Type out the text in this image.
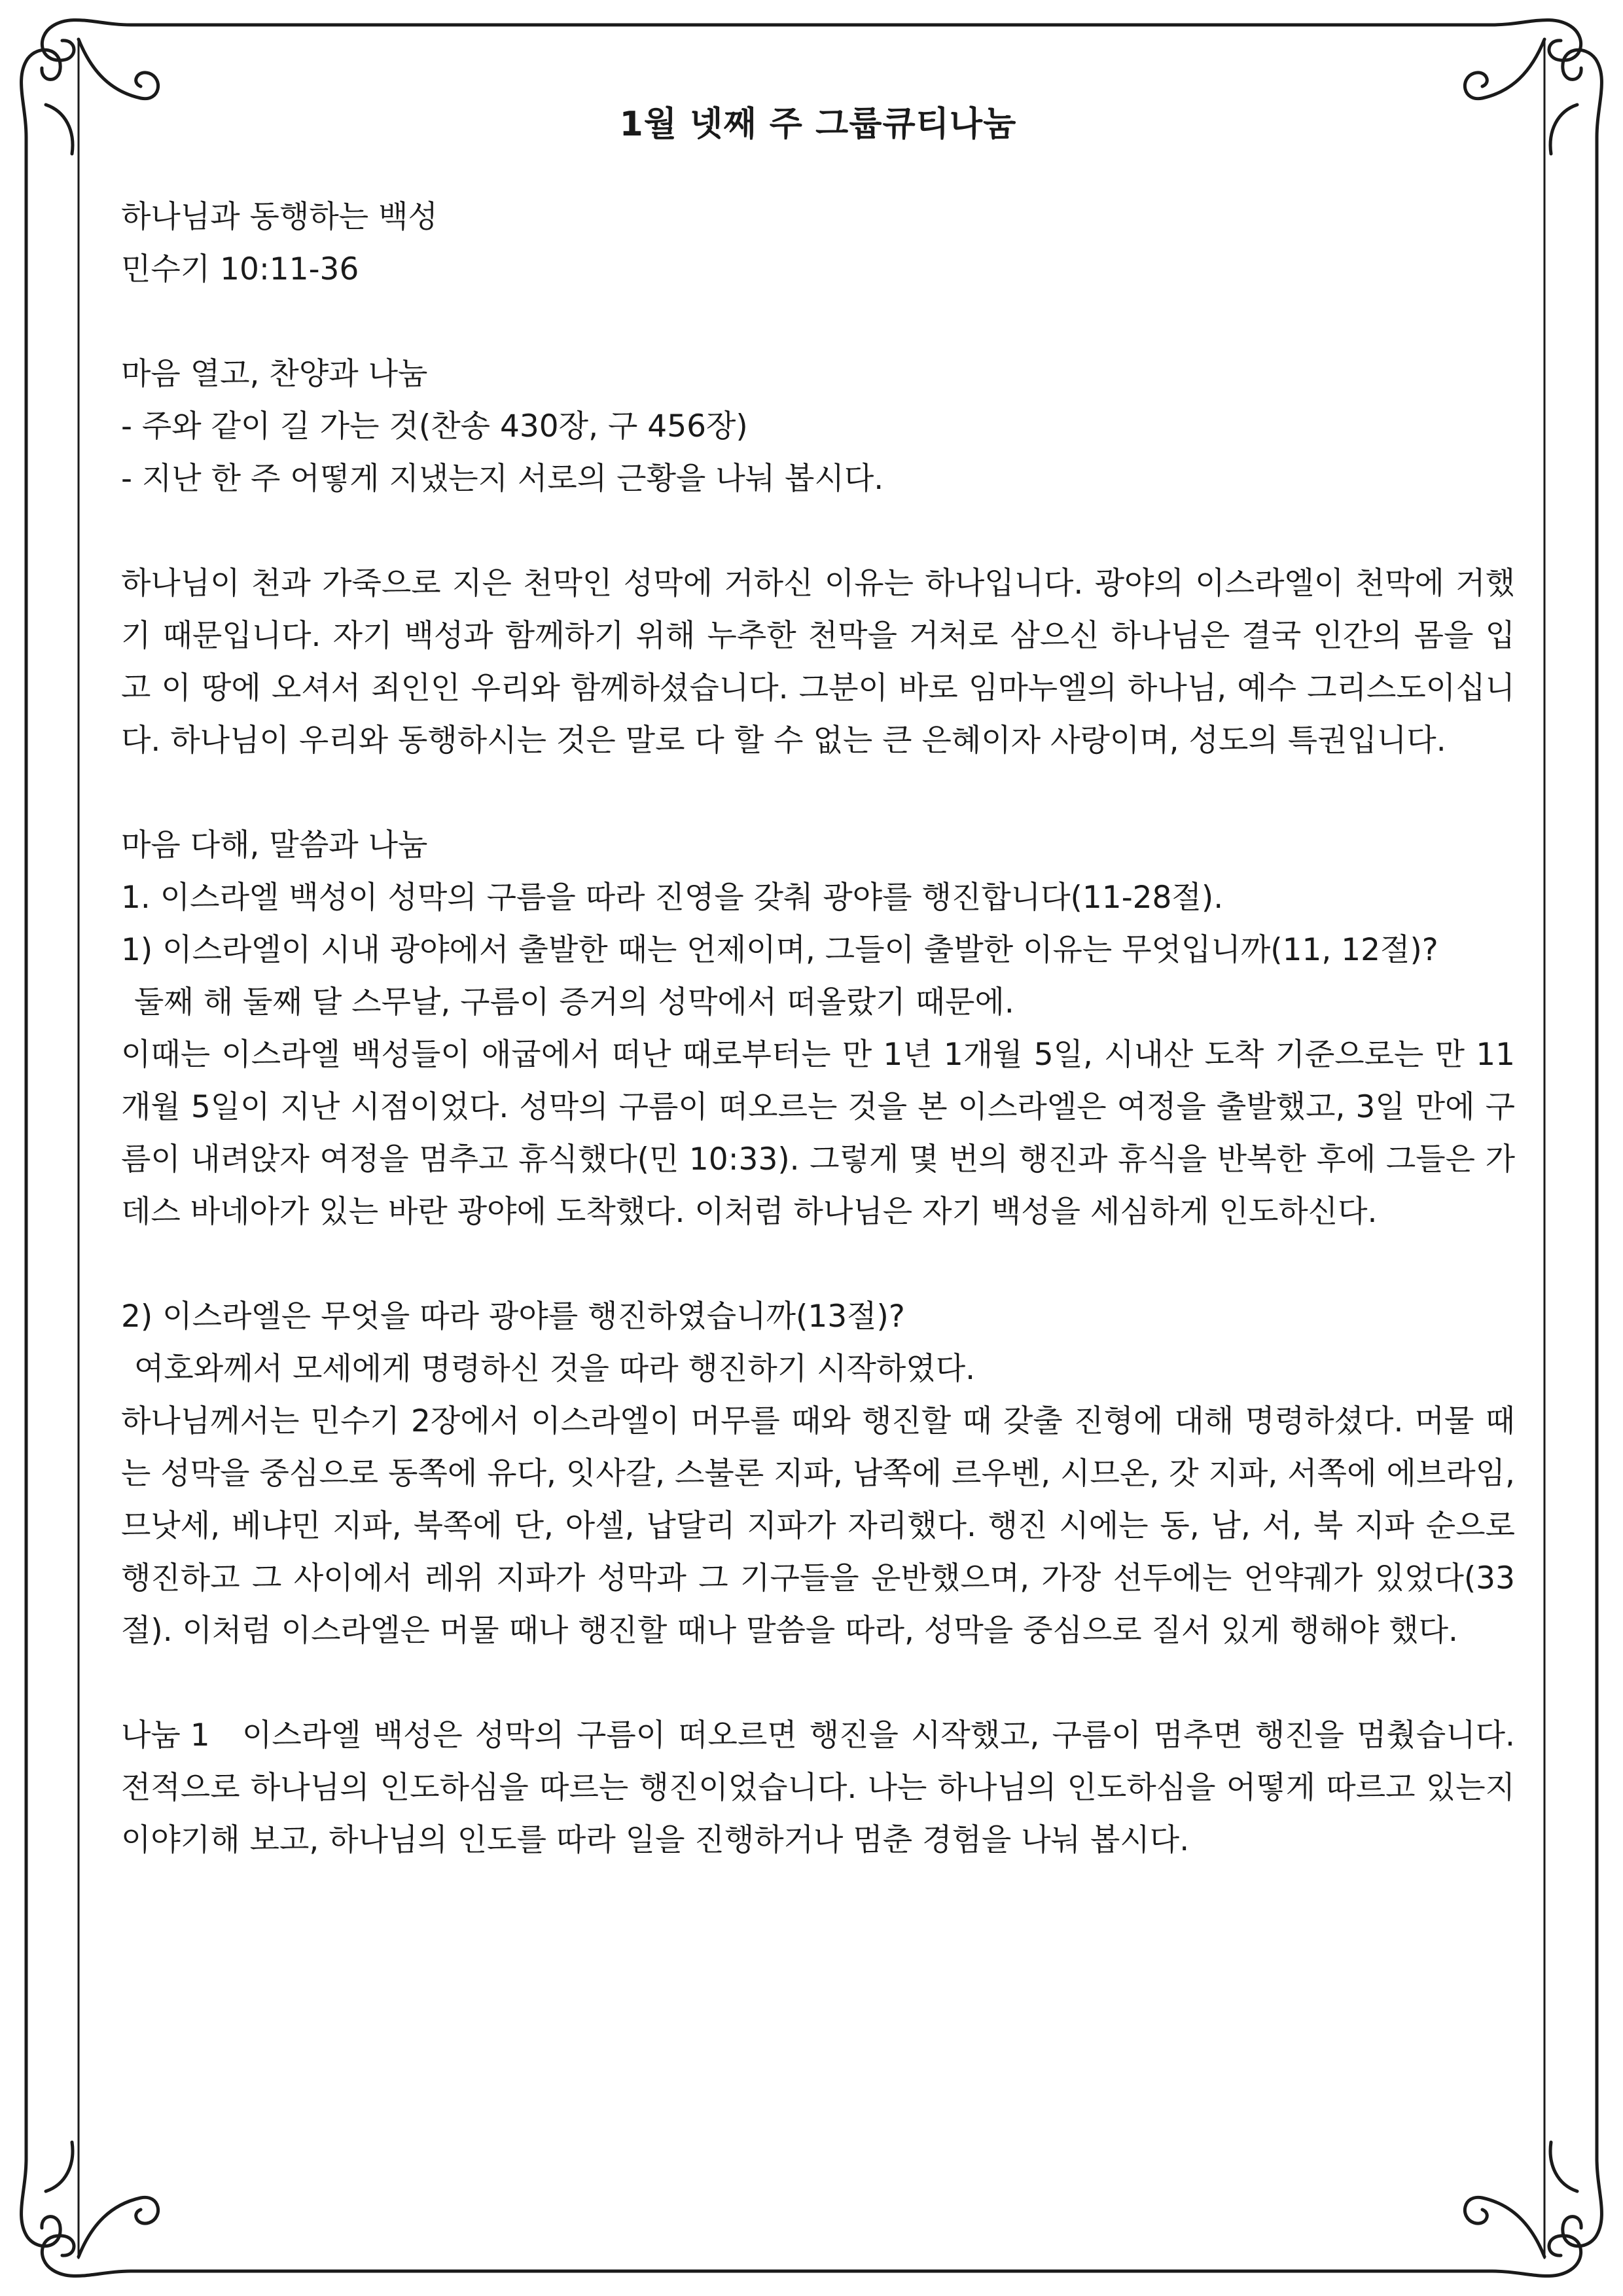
1월 넷째 주 그룹큐티나눔

하나님과 동행하는 백성

민수기 10:11-36

마음 열고, 찬양과 나눔

- 주와 같이 길 가는 것(찬송 430장, 구 456장)

- 지난 한 주 어떻게 지냈는지 서로의 근황을 나눠 봅시다.

하나님이 천과 가죽으로 지은 천막인 성막에 거하신 이유는 하나입니다. 광야의 이스라엘이 천막에 거했기 때문입니다. 자기 백성과 함께하기 위해 누추한 천막을 거처로 삼으신 하나님은 결국 인간의 몸을 입고 이 땅에 오셔서 죄인인 우리와 함께하셨습니다. 그분이 바로 임마누엘의 하나님, 예수 그리스도이십니다. 하나님이 우리와 동행하시는 것은 말로 다 할 수 없는 큰 은혜이자 사랑이며, 성도의 특권입니다.

마음 다해, 말씀과 나눔

1. 이스라엘 백성이 성막의 구름을 따라 진영을 갖춰 광야를 행진합니다(11-28절).

1) 이스라엘이 시내 광야에서 출발한 때는 언제이며, 그들이 출발한 이유는 무엇입니까(11, 12절)?

둘째 해 둘째 달 스무날, 구름이 증거의 성막에서 떠올랐기 때문에.

이때는 이스라엘 백성들이 애굽에서 떠난 때로부터는 만 1년 1개월 5일, 시내산 도착 기준으로는 만 11개월 5일이 지난 시점이었다. 성막의 구름이 떠오르는 것을 본 이스라엘은 여정을 출발했고, 3일 만에 구름이 내려앉자 여정을 멈추고 휴식했다(민 10:33). 그렇게 몇 번의 행진과 휴식을 반복한 후에 그들은 가데스 바네아가 있는 바란 광야에 도착했다. 이처럼 하나님은 자기 백성을 세심하게 인도하신다.

2) 이스라엘은 무엇을 따라 광야를 행진하였습니까(13절)?

여호와께서 모세에게 명령하신 것을 따라 행진하기 시작하였다.

하나님께서는 민수기 2장에서 이스라엘이 머무를 때와 행진할 때 갖출 진형에 대해 명령하셨다. 머물 때는 성막을 중심으로 동쪽에 유다, 잇사갈, 스불론 지파, 남쪽에 르우벤, 시므온, 갓 지파, 서쪽에 에브라임, 므낫세, 베냐민 지파, 북쪽에 단, 아셀, 납달리 지파가 자리했다. 행진 시에는 동, 남, 서, 북 지파 순으로 행진하고 그 사이에서 레위 지파가 성막과 그 기구들을 운반했으며, 가장 선두에는 언약궤가 있었다(33절). 이처럼 이스라엘은 머물 때나 행진할 때나 말씀을 따라, 성막을 중심으로 질서 있게 행해야 했다.

나눔 1 이스라엘 백성은 성막의 구름이 떠오르면 행진을 시작했고, 구름이 멈추면 행진을 멈췄습니다. 전적으로 하나님의 인도하심을 따르는 행진이었습니다. 나는 하나님의 인도하심을 어떻게 따르고 있는지 이야기해 보고, 하나님의 인도를 따라 일을 진행하거나 멈춘 경험을 나눠 봅시다.
